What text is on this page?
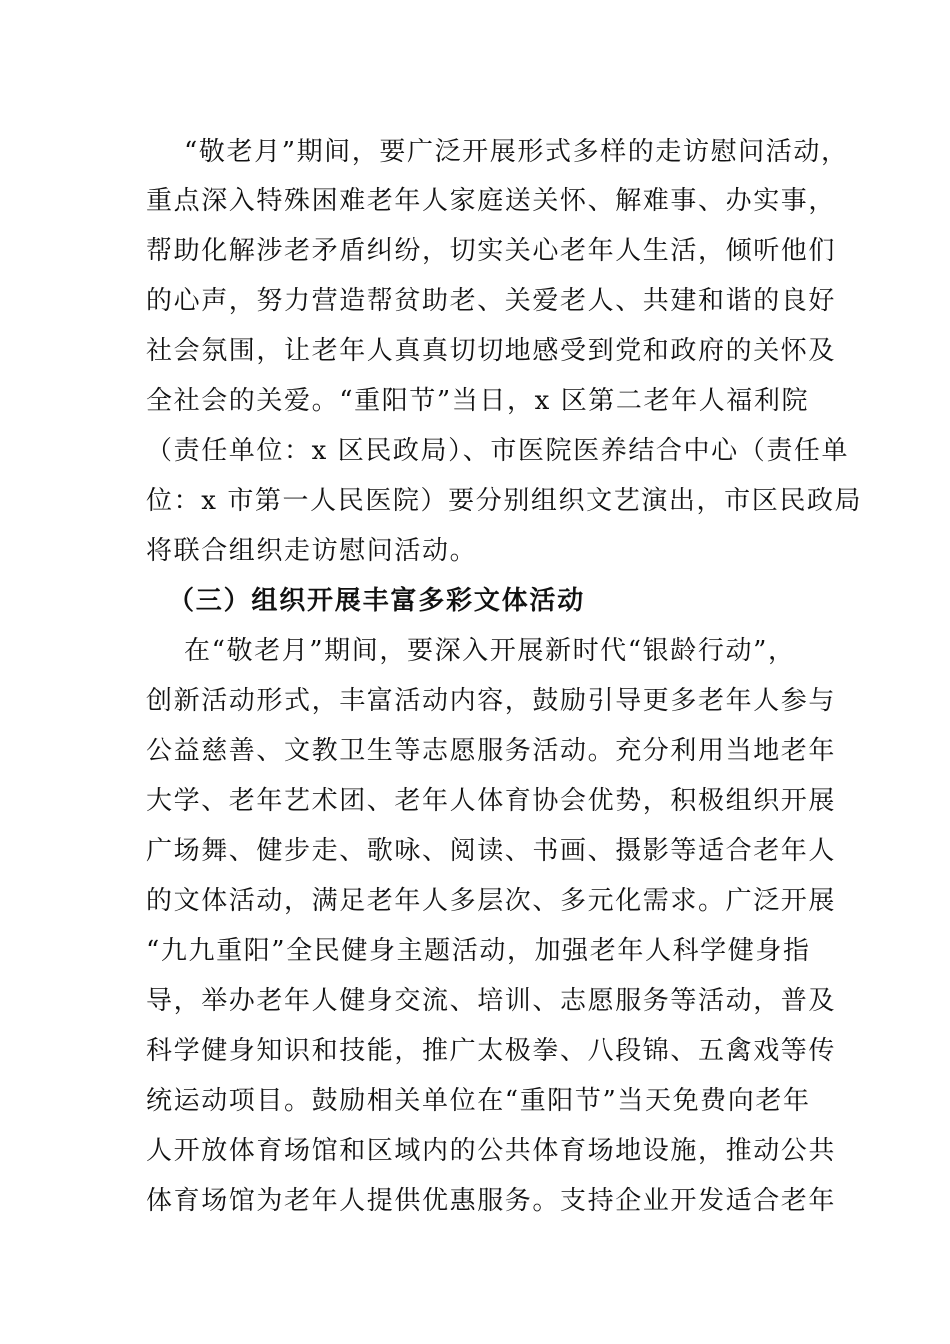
“敬老月”期间，要广泛开展形式多样的走访慰问活动，
重点深入特殊困难老年人家庭送关怀、解难事、办实事，
帮助化解涉老矛盾纠纷，切实关心老年人生活，倾听他们
的心声，努力营造帮贫助老、关爱老人、共建和谐的良好
社会氛围，让老年人真真切切地感受到党和政府的关怀及
全社会的关爱。“重阳节”当日，x 区第二老年人福利院
（责任单位：x 区民政局）、市医院医养结合中心（责任单
位：x 市第一人民医院）要分别组织文艺演出，市区民政局
将联合组织走访慰问活动。
（三）组织开展丰富多彩文体活动
在“敬老月”期间，要深入开展新时代“银龄行动”，
创新活动形式，丰富活动内容，鼓励引导更多老年人参与
公益慈善、文教卫生等志愿服务活动。充分利用当地老年
大学、老年艺术团、老年人体育协会优势，积极组织开展
广场舞、健步走、歌咏、阅读、书画、摄影等适合老年人
的文体活动，满足老年人多层次、多元化需求。广泛开展
“九九重阳”全民健身主题活动，加强老年人科学健身指
导，举办老年人健身交流、培训、志愿服务等活动，普及
科学健身知识和技能，推广太极拳、八段锦、五禽戏等传
统运动项目。鼓励相关单位在“重阳节”当天免费向老年
人开放体育场馆和区域内的公共体育场地设施，推动公共
体育场馆为老年人提供优惠服务。支持企业开发适合老年
